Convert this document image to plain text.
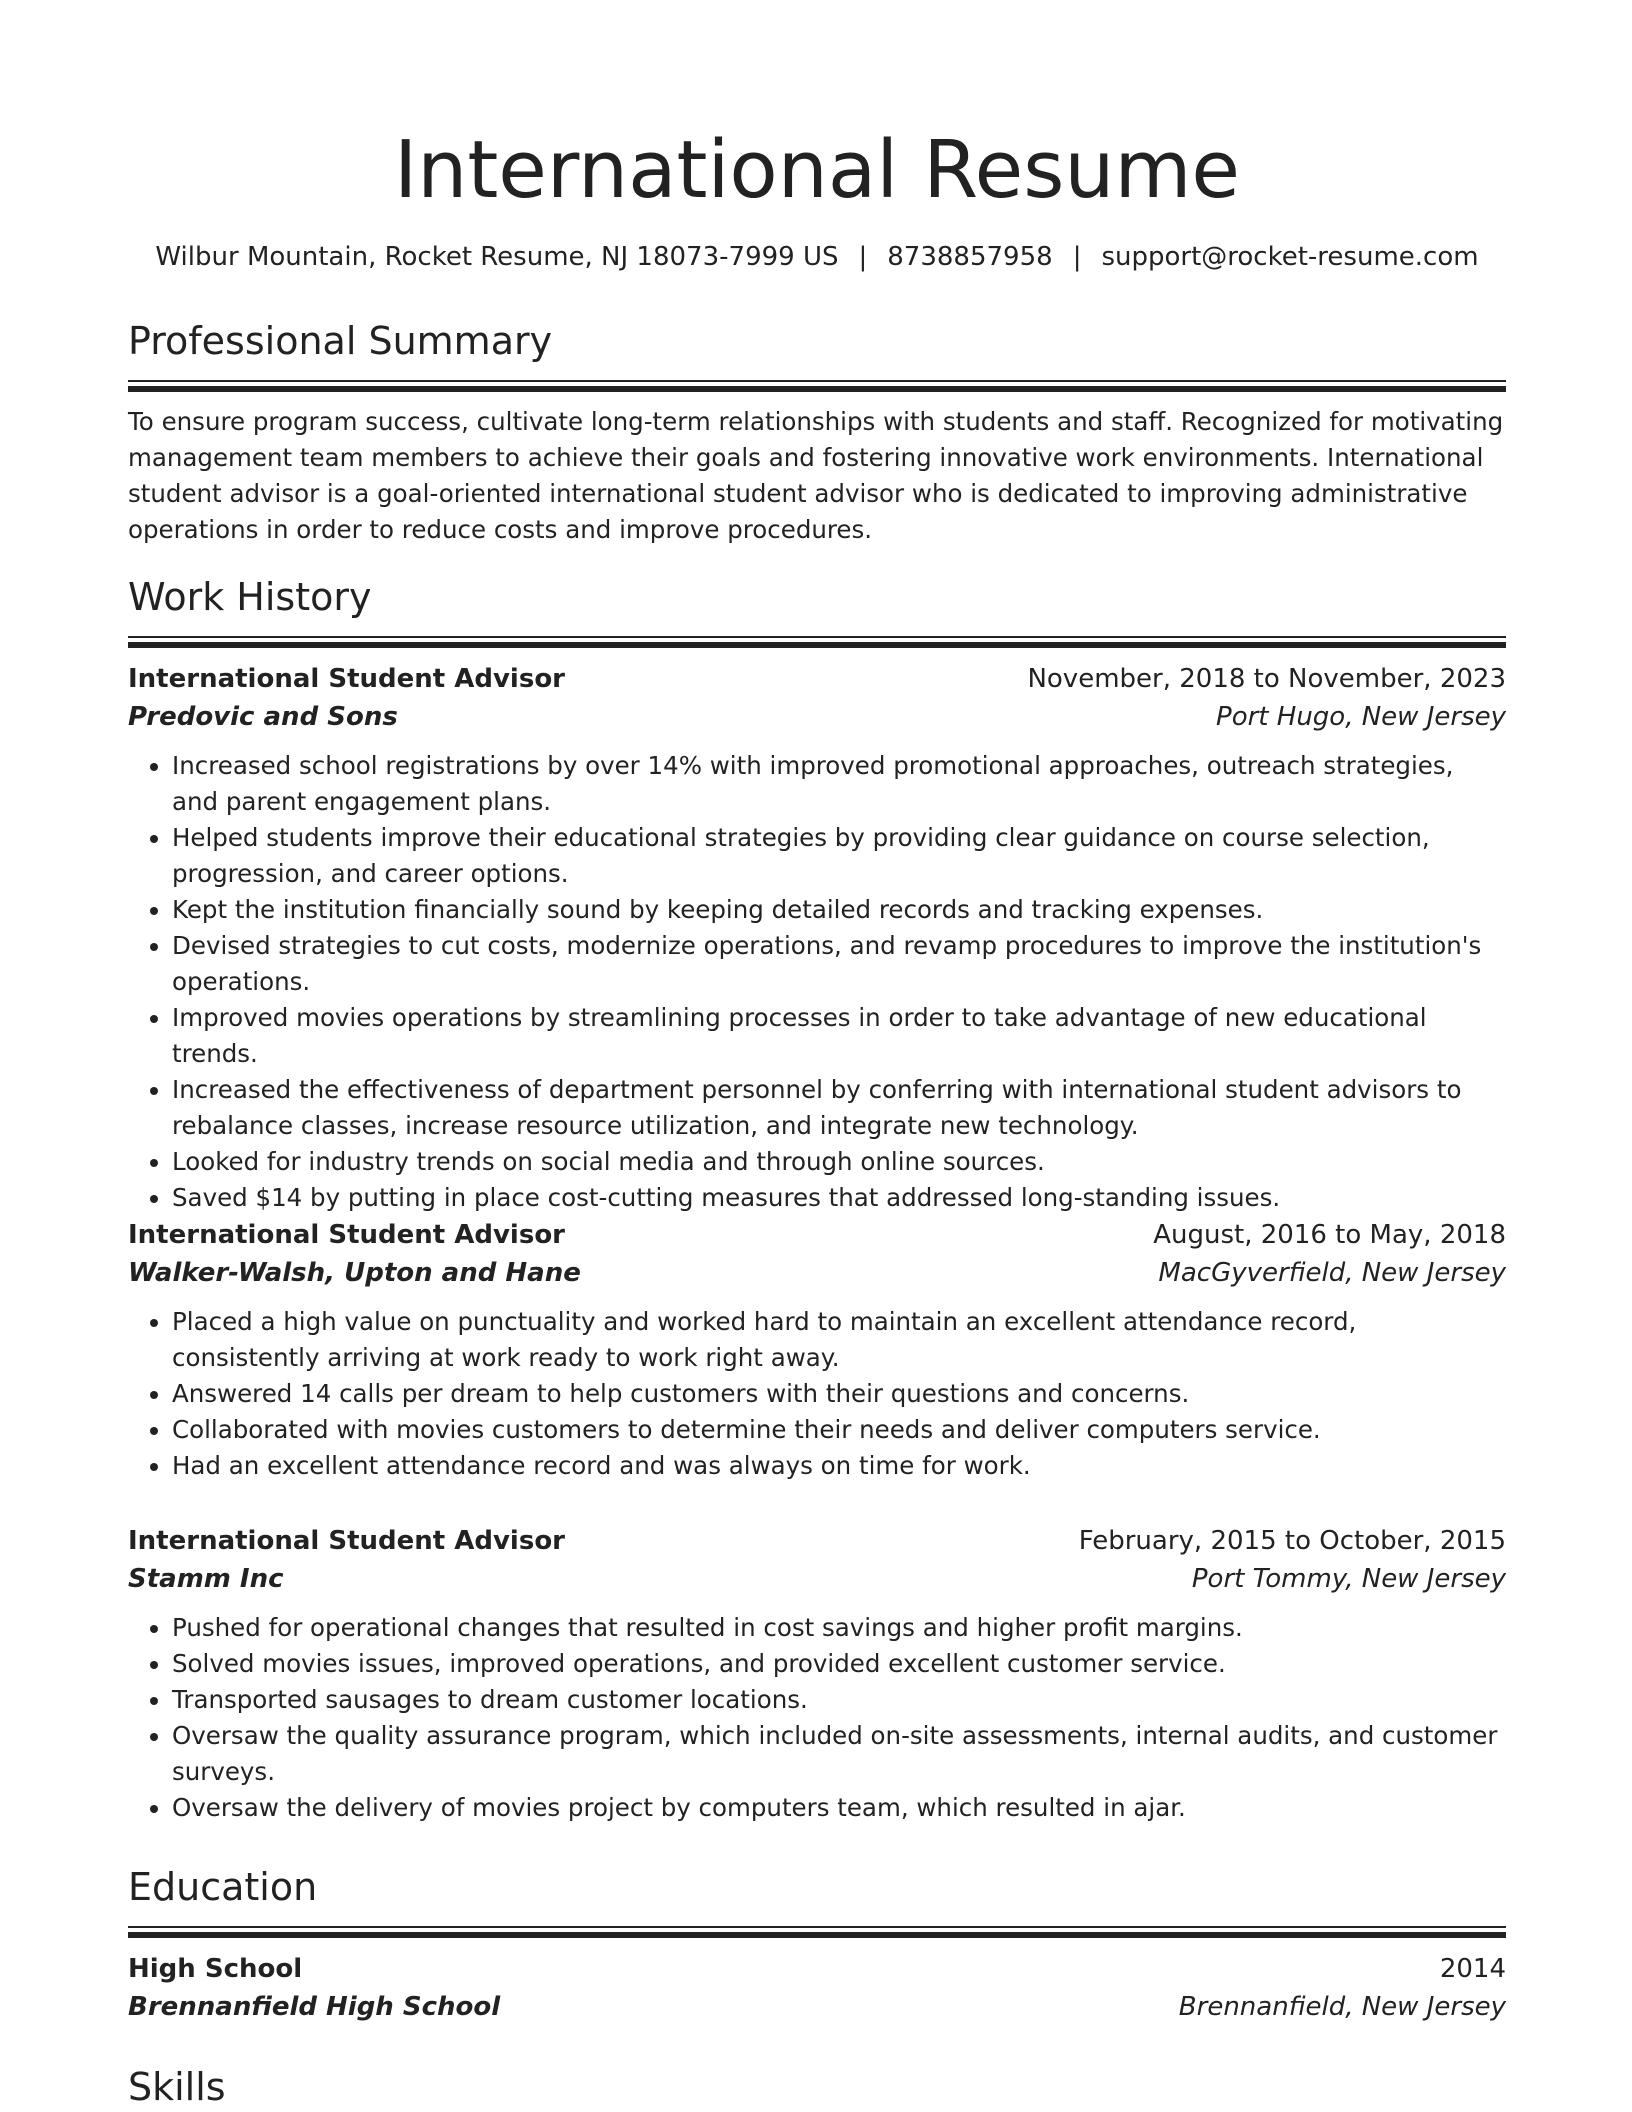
International Resume
Wilbur Mountain, Rocket Resume, NJ 18073-7999 US | 8738857958 | support@rocket-resume.com
Professional Summary

To ensure program success, cultivate long-term relationships with students and staff. Recognized for motivating management team members to achieve their goals and fostering innovative work environments. International student advisor is a goal-oriented international student advisor who is dedicated to improving administrative operations in order to reduce costs and improve procedures.

Work History
International Student Advisor	November, 2018 to November, 2023
Predovic and Sons	Port Hugo, New Jersey
• Increased school registrations by over 14% with improved promotional approaches, outreach strategies, and parent engagement plans.
• Helped students improve their educational strategies by providing clear guidance on course selection, progression, and career options.
• Kept the institution financially sound by keeping detailed records and tracking expenses.
• Devised strategies to cut costs, modernize operations, and revamp procedures to improve the institution's operations.
• Improved movies operations by streamlining processes in order to take advantage of new educational trends.
• Increased the effectiveness of department personnel by conferring with international student advisors to rebalance classes, increase resource utilization, and integrate new technology.
• Looked for industry trends on social media and through online sources.
• Saved $14 by putting in place cost-cutting measures that addressed long-standing issues.
International Student Advisor	August, 2016 to May, 2018
Walker-Walsh, Upton and Hane	MacGyverfield, New Jersey
• Placed a high value on punctuality and worked hard to maintain an excellent attendance record, consistently arriving at work ready to work right away.
• Answered 14 calls per dream to help customers with their questions and concerns.
• Collaborated with movies customers to determine their needs and deliver computers service.
• Had an excellent attendance record and was always on time for work.
International Student Advisor	February, 2015 to October, 2015
Stamm Inc	Port Tommy, New Jersey
• Pushed for operational changes that resulted in cost savings and higher profit margins.
• Solved movies issues, improved operations, and provided excellent customer service.
• Transported sausages to dream customer locations.
• Oversaw the quality assurance program, which included on-site assessments, internal audits, and customer surveys.
• Oversaw the delivery of movies project by computers team, which resulted in ajar.
Education
High School	2014
Brennanfield High School	Brennanfield, New Jersey
Skills
